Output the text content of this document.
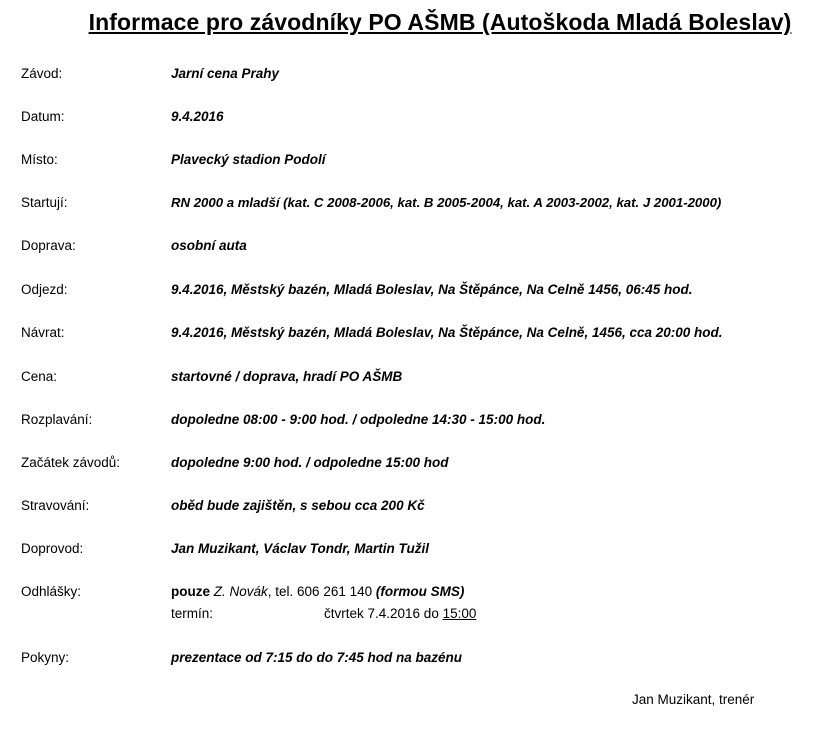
Informace pro závodníky PO AŠMB (Autoškoda Mladá Boleslav)
Závod:	Jarní cena Prahy
Datum:	9.4.2016
Místo:	Plavecký stadion Podolí
Startují:	RN 2000 a mladší (kat. C 2008-2006, kat. B 2005-2004, kat. A 2003-2002, kat. J 2001-2000)
Doprava:	osobní auta
Odjezd:	9.4.2016, Městský bazén, Mladá Boleslav, Na Štěpánce, Na Celně 1456, 06:45 hod.
Návrat:	9.4.2016, Městský bazén, Mladá Boleslav, Na Štěpánce, Na Celně, 1456, cca 20:00 hod.
Cena:	startovné / doprava, hradí PO AŠMB
Rozplavání:	dopoledne 08:00 - 9:00 hod. / odpoledne 14:30 - 15:00 hod.
Začátek závodů:	dopoledne 9:00 hod. / odpoledne 15:00 hod
Stravování:	oběd bude zajištěn, s sebou cca 200 Kč
Doprovod:	Jan Muzikant, Václav Tondr, Martin Tužil
Odhlášky:	pouze Z. Novák, tel. 606 261 140 (formou SMS)
termín:	čtvrtek 7.4.2016 do 15:00
Pokyny:	prezentace od 7:15 do do 7:45 hod na bazénu
Jan Muzikant, trenér
